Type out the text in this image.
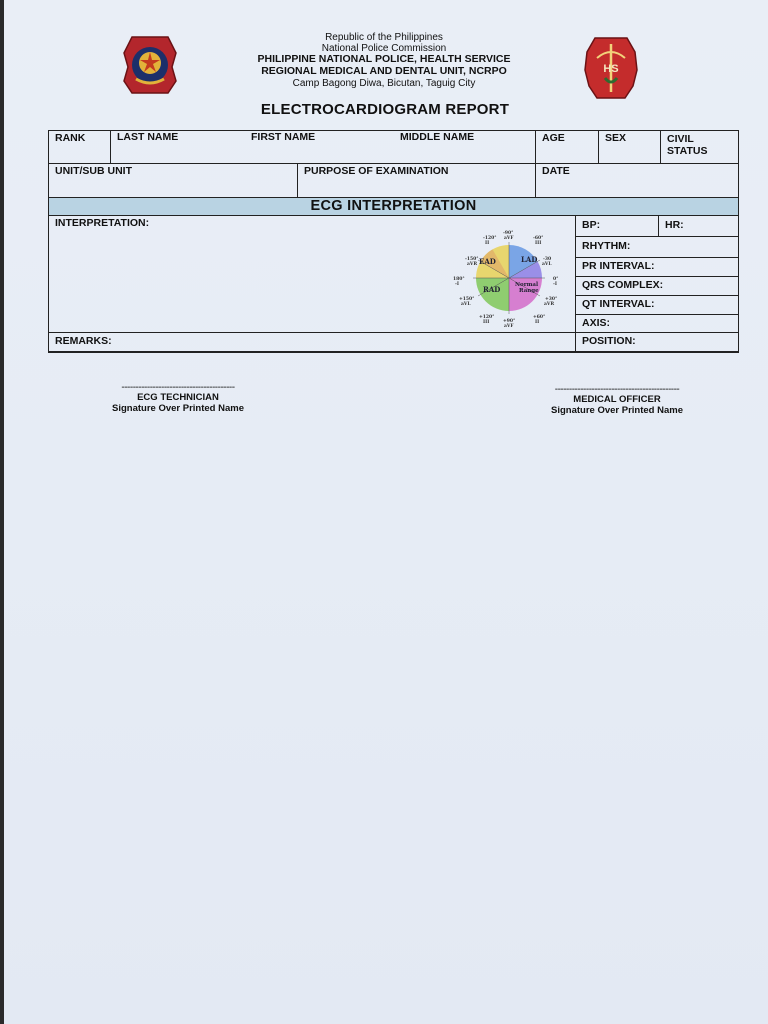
Republic of the Philippines
National Police Commission
PHILIPPINE NATIONAL POLICE, HEALTH SERVICE
REGIONAL MEDICAL AND DENTAL UNIT, NCRPO
Camp Bagong Diwa, Bicutan, Taguig City
ELECTROCARDIOGRAM REPORT
HS
RANK	LAST NAME	FIRST NAME	MIDDLE NAME	AGE	SEX	CIVIL
STATUS
UNIT/SUB UNIT	PURPOSE OF EXAMINATION	DATE
ECG INTERPRETATION
INTERPRETATION:
LAD
EAD
RAD	Normal
Range
-90°
aVF	-60°
III
-120°
II
-30
aVL
-150°
aVR
0°
-I
180°
-I
+30°
aVR
+150°
aVL
+60°
II
+120°
III	+90°
aVF
REMARKS:
BP:	HR:
RHYTHM:
PR INTERVAL:
QRS COMPLEX:
QT INTERVAL:
AXIS:
POSITION:
----------------------------------------
ECG TECHNICIAN
Signature Over Printed Name
--------------------------------------------
MEDICAL OFFICER
Signature Over Printed Name
